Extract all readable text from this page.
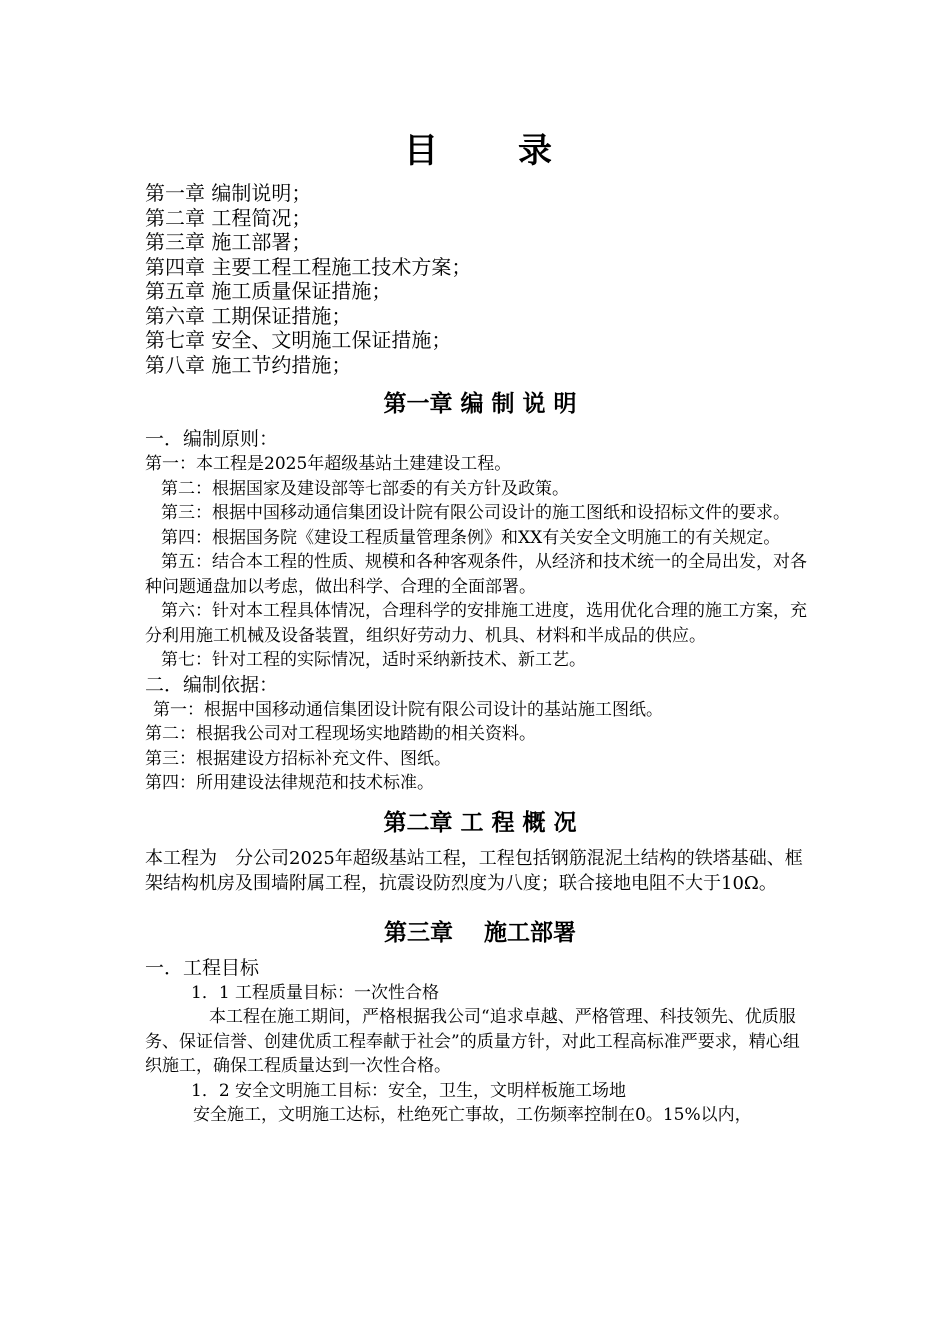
目　　录

第一章 编制说明；

第二章 工程简况；

第三章 施工部署；

第四章 主要工程工程施工技术方案；

第五章 施工质量保证措施；

第六章 工期保证措施；

第七章 安全、文明施工保证措施；

第八章 施工节约措施；

第一章 编 制 说 明

一．编制原则：

第一：本工程是2025年超级基站土建建设工程。

第二：根据国家及建设部等七部委的有关方针及政策。

第三：根据中国移动通信集团设计院有限公司设计的施工图纸和设招标文件的要求。

第四：根据国务院《建设工程质量管理条例》和XX有关安全文明施工的有关规定。

第五：结合本工程的性质、规模和各种客观条件，从经济和技术统一的全局出发，对各种问题通盘加以考虑，做出科学、合理的全面部署。

第六：针对本工程具体情况，合理科学的安排施工进度，选用优化合理的施工方案，充分利用施工机械及设备装置，组织好劳动力、机具、材料和半成品的供应。

第七：针对工程的实际情况，适时采纳新技术、新工艺。

二．编制依据：

第一：根据中国移动通信集团设计院有限公司设计的基站施工图纸。

第二：根据我公司对工程现场实地踏勘的相关资料。

第三：根据建设方招标补充文件、图纸。

第四：所用建设法律规范和技术标准。

第二章 工 程 概 况

本工程为　分公司2025年超级基站工程，工程包括钢筋混泥土结构的铁塔基础、框架结构机房及围墙附属工程，抗震设防烈度为八度；联合接地电阻不大于10Ω。

第三章　 施工部署

一．工程目标

1．1 工程质量目标：一次性合格

本工程在施工期间，严格根据我公司“追求卓越、严格管理、科技领先、优质服务、保证信誉、创建优质工程奉献于社会”的质量方针，对此工程高标准严要求，精心组织施工，确保工程质量达到一次性合格。

1．2 安全文明施工目标：安全，卫生，文明样板施工场地

安全施工，文明施工达标，杜绝死亡事故，工伤频率控制在0。15%以内，
